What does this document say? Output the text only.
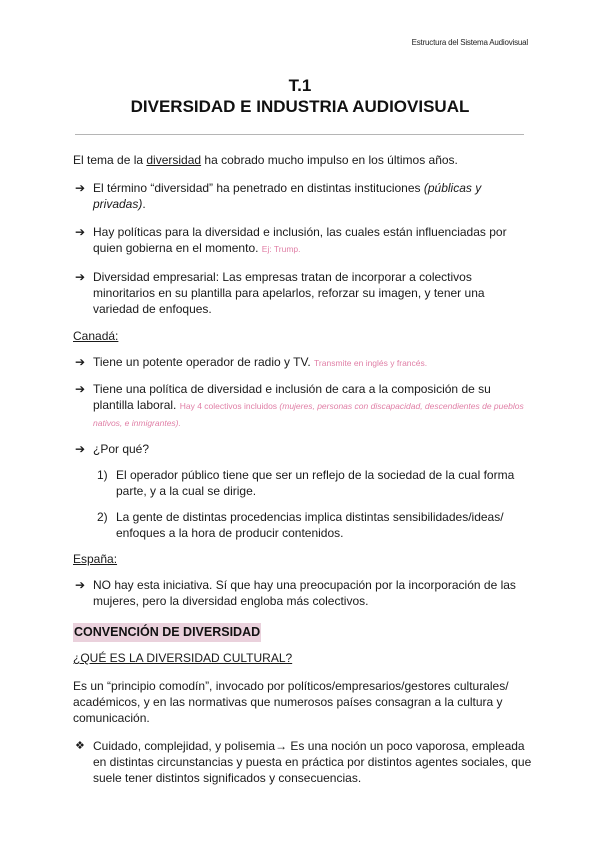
Estructura del Sistema Audiovisual
T.1
DIVERSIDAD E INDUSTRIA AUDIOVISUAL

El tema de la diversidad ha cobrado mucho impulso en los últimos años.

➔ El término “diversidad” ha penetrado en distintas instituciones (públicas y privadas).
➔ Hay políticas para la diversidad e inclusión, las cuales están influenciadas por quien gobierna en el momento. Ej: Trump.
➔ Diversidad empresarial: Las empresas tratan de incorporar a colectivos minoritarios en su plantilla para apelarlos, reforzar su imagen, y tener una variedad de enfoques.

Canadá:

➔ Tiene un potente operador de radio y TV. Transmite en inglés y francés.
➔ Tiene una política de diversidad e inclusión de cara a la composición de su plantilla laboral. Hay 4 colectivos incluidos (mujeres, personas con discapacidad, descendientes de pueblos nativos, e inmigrantes).
➔ ¿Por qué?
1) El operador público tiene que ser un reflejo de la sociedad de la cual forma parte, y a la cual se dirige.
2) La gente de distintas procedencias implica distintas sensibilidades/ideas/ enfoques a la hora de producir contenidos.

España:

➔ NO hay esta iniciativa. Sí que hay una preocupación por la incorporación de las mujeres, pero la diversidad engloba más colectivos.
CONVENCIÓN DE DIVERSIDAD

¿QUÉ ES LA DIVERSIDAD CULTURAL?

Es un “principio comodín”, invocado por políticos/empresarios/gestores culturales/ académicos, y en las normativas que numerosos países consagran a la cultura y comunicación.

❖ Cuidado, complejidad, y polisemia→ Es una noción un poco vaporosa, empleada en distintas circunstancias y puesta en práctica por distintos agentes sociales, que suele tener distintos significados y consecuencias.
